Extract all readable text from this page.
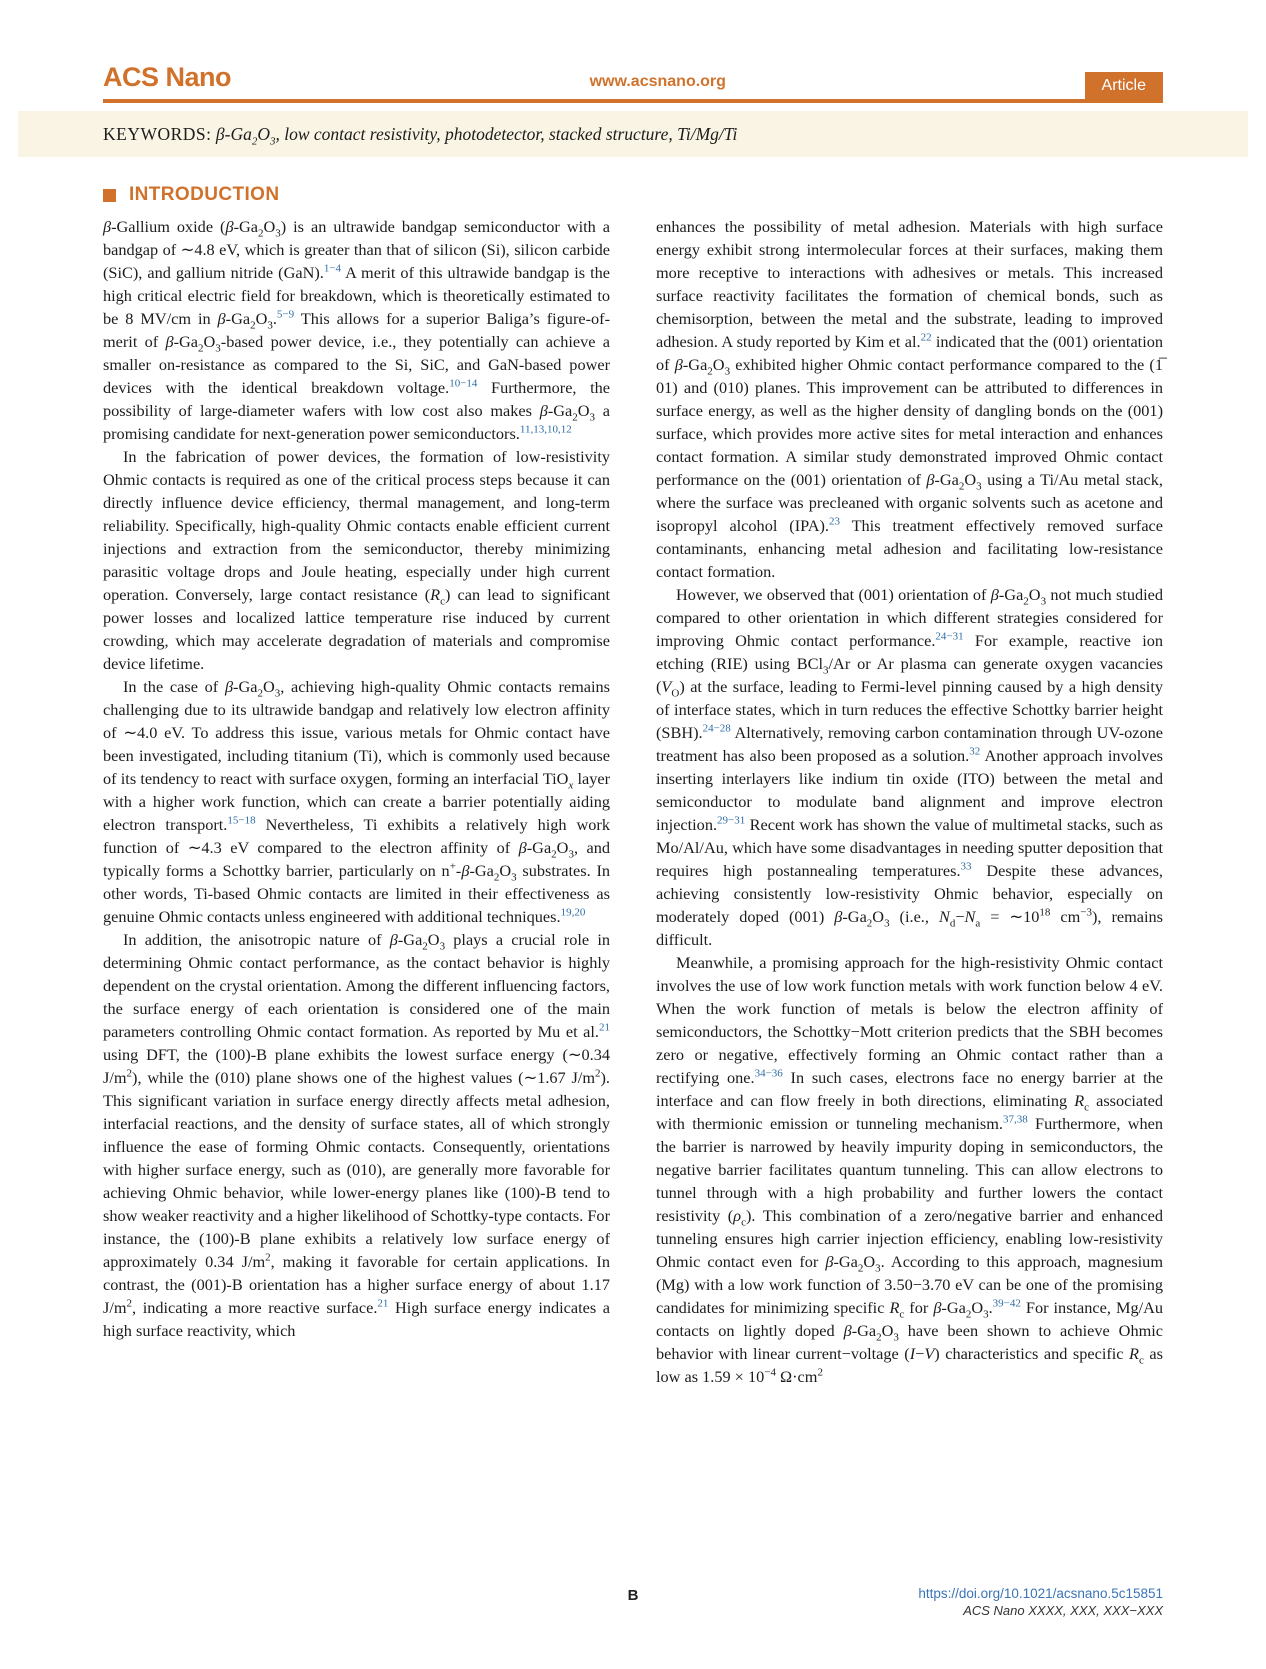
ACS Nano	www.acsnano.org	Article
KEYWORDS: $\beta-Ga_2O_3$, low contact resistivity, photodetector, stacked structure, Ti/Mg/Ti
INTRODUCTION

β-Gallium oxide $(\beta-Ga_2O_3)$ is an ultrawide bandgap semiconductor with a bandgap of ∼4.8 eV, which is greater than that of silicon (Si), silicon carbide (SiC), and gallium nitride (GaN).$^{1-4}$ A merit of this ultrawide bandgap is the high critical electric field for breakdown, which is theoretically estimated to be 8 MV/cm in $\beta-Ga_2O_3.^{5-9}$ This allows for a superior Baliga’s figure-of-merit of $\beta-Ga_2O_3$-based power device, i.e., they potentially can achieve a smaller on-resistance as compared to the Si, SiC, and GaN-based power devices with the identical breakdown voltage.$^{10-14}$ Furthermore, the possibility of large-diameter wafers with low cost also makes $\beta-Ga_2O_3$ a promising candidate for next-generation power semiconductors.$^{11,13,10,12}$

In the fabrication of power devices, the formation of low-resistivity Ohmic contacts is required as one of the critical process steps because it can directly influence device efficiency, thermal management, and long-term reliability. Specifically, high-quality Ohmic contacts enable efficient current injections and extraction from the semiconductor, thereby minimizing parasitic voltage drops and Joule heating, especially under high current operation. Conversely, large contact resistance $(R_c)$ can lead to significant power losses and localized lattice temperature rise induced by current crowding, which may accelerate degradation of materials and compromise device lifetime.

In the case of $\beta-Ga_2O_3$, achieving high-quality Ohmic contacts remains challenging due to its ultrawide bandgap and relatively low electron affinity of ∼4.0 eV. To address this issue, various metals for Ohmic contact have been investigated, including titanium (Ti), which is commonly used because of its tendency to react with surface oxygen, forming an interfacial TiO$_x$ layer with a higher work function, which can create a barrier potentially aiding electron transport.$^{15-18}$ Nevertheless, Ti exhibits a relatively high work function of ∼4.3 eV compared to the electron affinity of $\beta-Ga_2O_3$, and typically forms a Schottky barrier, particularly on $n^+-\beta-Ga_2O_3$ substrates. In other words, Ti-based Ohmic contacts are limited in their effectiveness as genuine Ohmic contacts unless engineered with additional techniques.$^{19,20}$

In addition, the anisotropic nature of $\beta-Ga_2O_3$ plays a crucial role in determining Ohmic contact performance, as the contact behavior is highly dependent on the crystal orientation. Among the different influencing factors, the surface energy of each orientation is considered one of the main parameters controlling Ohmic contact formation. As reported by Mu et al.$^{21}$ using DFT, the (100)-B plane exhibits the lowest surface energy (∼0.34 $J/m^2$), while the (010) plane shows one of the highest values (∼1.67 $J/m^2$). This significant variation in surface energy directly affects metal adhesion, interfacial reactions, and the density of surface states, all of which strongly influence the ease of forming Ohmic contacts. Consequently, orientations with higher surface energy, such as (010), are generally more favorable for achieving Ohmic behavior, while lower-energy planes like (100)-B tend to show weaker reactivity and a higher likelihood of Schottky-type contacts. For instance, the (100)-B plane exhibits a relatively low surface energy of approximately 0.34 $J/m^2$, making it favorable for certain applications. In contrast, the (001)-B orientation has a higher surface energy of about 1.17 $J/m^2$, indicating a more reactive surface.$^{21}$ High surface energy indicates a high surface reactivity, which

enhances the possibility of metal adhesion. Materials with high surface energy exhibit strong intermolecular forces at their surfaces, making them more receptive to interactions with adhesives or metals. This increased surface reactivity facilitates the formation of chemical bonds, such as chemisorption, between the metal and the substrate, leading to improved adhesion. A study reported by Kim et al.$^{22}$ indicated that the (001) orientation of $\beta-Ga_2O_3$ exhibited higher Ohmic contact performance compared to the (1̅ 01) and (010) planes. This improvement can be attributed to differences in surface energy, as well as the higher density of dangling bonds on the (001) surface, which provides more active sites for metal interaction and enhances contact formation. A similar study demonstrated improved Ohmic contact performance on the (001) orientation of $\beta-Ga_2O_3$ using a Ti/Au metal stack, where the surface was precleaned with organic solvents such as acetone and isopropyl alcohol (IPA).$^{23}$ This treatment effectively removed surface contaminants, enhancing metal adhesion and facilitating low-resistance contact formation.

However, we observed that (001) orientation of $\beta-Ga_2O_3$ not much studied compared to other orientation in which different strategies considered for improving Ohmic contact performance.$^{24-31}$ For example, reactive ion etching (RIE) using BCl$_3$/Ar or Ar plasma can generate oxygen vacancies $(V_O)$ at the surface, leading to Fermi-level pinning caused by a high density of interface states, which in turn reduces the effective Schottky barrier height (SBH).$^{24-28}$ Alternatively, removing carbon contamination through UV-ozone treatment has also been proposed as a solution.$^{32}$ Another approach involves inserting interlayers like indium tin oxide (ITO) between the metal and semiconductor to modulate band alignment and improve electron injection.$^{29-31}$ Recent work has shown the value of multimetal stacks, such as Mo/Al/Au, which have some disadvantages in needing sputter deposition that requires high postannealing temperatures.$^{33}$ Despite these advances, achieving consistently low-resistivity Ohmic behavior, especially on moderately doped (001) $\beta-Ga_2O_3$ (i.e., $N_d-N_a$ = $\sim 10^{18}$ $cm^{-3}$), remains difficult.

Meanwhile, a promising approach for the high-resistivity Ohmic contact involves the use of low work function metals with work function below 4 eV. When the work function of metals is below the electron affinity of semiconductors, the Schottky−Mott criterion predicts that the SBH becomes zero or negative, effectively forming an Ohmic contact rather than a rectifying one.$^{34-36}$ In such cases, electrons face no energy barrier at the interface and can flow freely in both directions, eliminating $R_c$ associated with thermionic emission or tunneling mechanism.$^{37,38}$ Furthermore, when the barrier is narrowed by heavily impurity doping in semiconductors, the negative barrier facilitates quantum tunneling. This can allow electrons to tunnel through with a high probability and further lowers the contact resistivity $(\rho_c)$. This combination of a zero/negative barrier and enhanced tunneling ensures high carrier injection efficiency, enabling low-resistivity Ohmic contact even for $\beta-Ga_2O_3$. According to this approach, magnesium (Mg) with a low work function of 3.50−3.70 eV can be one of the promising candidates for minimizing specific $R_c$ for $\beta-Ga_2O_3.^{39-42}$ For instance, Mg/Au contacts on lightly doped $\beta-Ga_2O_3$ have been shown to achieve Ohmic behavior with linear current−voltage (I−V) characteristics and specific $R_c$ as low as $1.59 \times 10^{-4}$ $\Omega\cdot cm^2$

B	https://doi.org/10.1021/acsnano.5c15851
ACS Nano XXXX, XXX, XXX−XXX
